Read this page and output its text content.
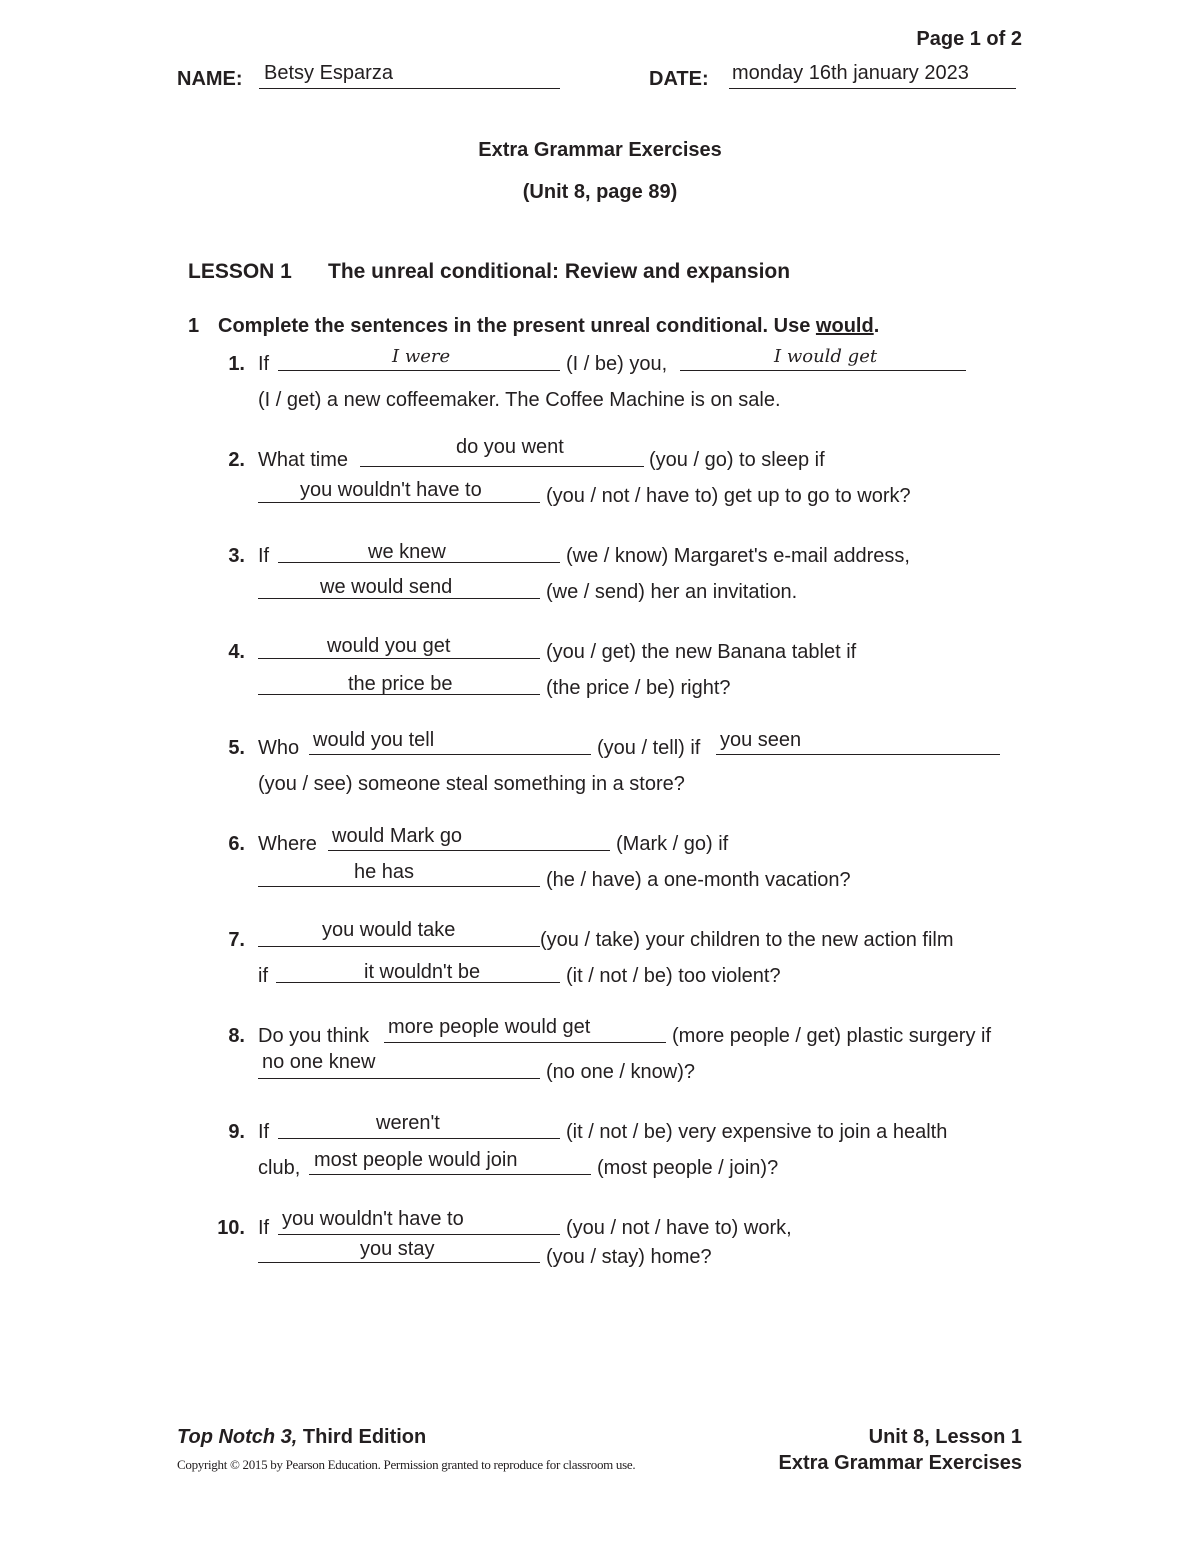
Page 1 of 2
NAME: Betsy Esparza	DATE: monday 16th january 2023
Extra Grammar Exercises
(Unit 8, page 89)
LESSON 1 The unreal conditional: Review and expansion
1 Complete the sentences in the present unreal conditional. Use would.
1. If	I were	(I / be) you,	I would get
(I / get) a new coffeemaker. The Coffee Machine is on sale.
2. What time
do you went
(you / go) to sleep if
you wouldn't have to	(you / not / have to) get up to go to work?
3. If	we knew	(we / know) Margaret's e-mail address,
we would send	(we / send) her an invitation.
4.	would you get	(you / get) the new Banana tablet if
the price be	(the price / be) right?
5. Who would you tell	(you / tell) if you seen
(you / see) someone steal something in a store?
6. Where would Mark go	(Mark / go) if
he has	(he / have) a one-month vacation?
7.	you would take	(you / take) your children to the new action film
if	it wouldn't be	(it / not / be) too violent?
8. Do you think more people would get	(more people / get) plastic surgery if
no one knew	(no one / know)?
9. If	weren't	(it / not / be) very expensive to join a health
club, most people would join	(most people / join)?
10. If you wouldn't have to	(you / not / have to) work,
you stay	(you / stay) home?
Top Notch 3, Third Edition
Copyright © 2015 by Pearson Education. Permission granted to reproduce for classroom use.
Unit 8, Lesson 1
Extra Grammar Exercises
